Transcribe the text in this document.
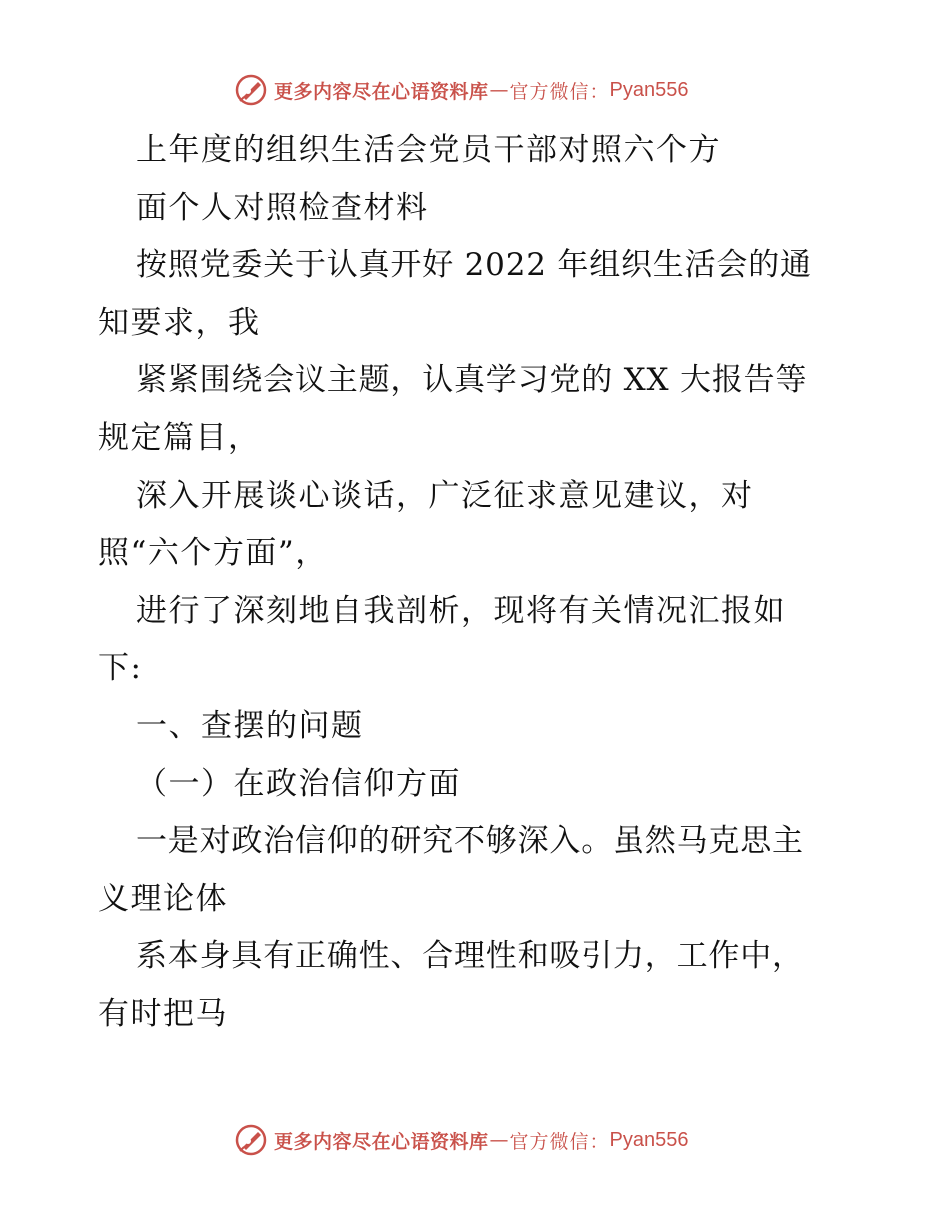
更多内容尽在心语资料库 — 官方微信： Pyan556
上年度的组织生活会党员干部对照六个方
面个人对照检查材料
按照党委关于认真开好 2022 年组织生活会的通
知要求，我
紧紧围绕会议主题，认真学习党的 XX 大报告等
规定篇目，
深入开展谈心谈话，广泛征求意见建议，对
照“六个方面”，
进行了深刻地自我剖析，现将有关情况汇报如
下:
一、查摆的问题
（一）在政治信仰方面
一是对政治信仰的研究不够深入。虽然马克思主
义理论体
系本身具有正确性、合理性和吸引力，工作中，
有时把马
更多内容尽在心语资料库 — 官方微信： Pyan556
